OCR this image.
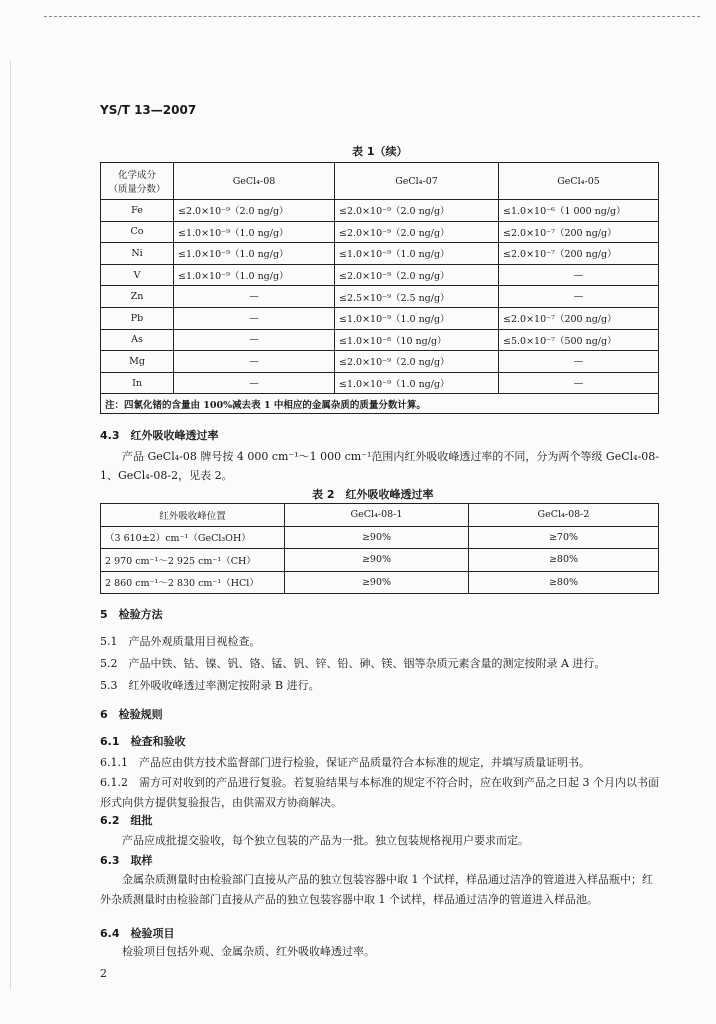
YS/T 13—2007
表 1（续）
化学成分
（质量分数）	GeCl₄-08	GeCl₄-07	GeCl₄-05
Fe	≤2.0×10⁻⁹（2.0 ng/g）	≤2.0×10⁻⁹（2.0 ng/g）	≤1.0×10⁻⁶（1 000 ng/g）
Co	≤1.0×10⁻⁹（1.0 ng/g）	≤2.0×10⁻⁹（2.0 ng/g）	≤2.0×10⁻⁷（200 ng/g）
Ni	≤1.0×10⁻⁹（1.0 ng/g）	≤1.0×10⁻⁹（1.0 ng/g）	≤2.0×10⁻⁷（200 ng/g）
V	≤1.0×10⁻⁹（1.0 ng/g）	≤2.0×10⁻⁹（2.0 ng/g）	—
Zn	—	≤2.5×10⁻⁹（2.5 ng/g）	—
Pb	—	≤1.0×10⁻⁹（1.0 ng/g）	≤2.0×10⁻⁷（200 ng/g）
As	—	≤1.0×10⁻⁸（10 ng/g）	≤5.0×10⁻⁷（500 ng/g）
Mg	—	≤2.0×10⁻⁹（2.0 ng/g）	—
In	—	≤1.0×10⁻⁹（1.0 ng/g）	—
注：四氯化锗的含量由 100%减去表 1 中相应的金属杂质的质量分数计算。			
4.3　红外吸收峰透过率
产品 GeCl₄-08 牌号按 4 000 cm⁻¹～1 000 cm⁻¹范围内红外吸收峰透过率的不同，分为两个等级 GeCl₄-08-1、GeCl₄-08-2，见表 2。
表 2　红外吸收峰透过率
红外吸收峰位置	GeCl₄-08-1	GeCl₄-08-2
（3 610±2）cm⁻¹（GeCl₃OH）	≥90%	≥70%
2 970 cm⁻¹～2 925 cm⁻¹（CH）	≥90%	≥80%
2 860 cm⁻¹～2 830 cm⁻¹（HCl）	≥90%	≥80%
5　检验方法
5.1　产品外观质量用目视检查。
5.2　产品中铁、钴、镍、钒、铬、锰、钒、锌、铅、砷、镁、铟等杂质元素含量的测定按附录 A 进行。
5.3　红外吸收峰透过率测定按附录 B 进行。
6　检验规则
6.1　检查和验收
6.1.1　产品应由供方技术监督部门进行检验，保证产品质量符合本标准的规定，并填写质量证明书。
6.1.2　需方可对收到的产品进行复验。若复验结果与本标准的规定不符合时，应在收到产品之日起 3 个月内以书面形式向供方提供复验报告，由供需双方协商解决。
6.2　组批
产品应成批提交验收，每个独立包装的产品为一批。独立包装规格视用户要求而定。
6.3　取样
金属杂质测量时由检验部门直接从产品的独立包装容器中取 1 个试样，样品通过洁净的管道进入样品瓶中；红外杂质测量时由检验部门直接从产品的独立包装容器中取 1 个试样，样品通过洁净的管道进入样品池。
6.4　检验项目
检验项目包括外观、金属杂质、红外吸收峰透过率。
2
